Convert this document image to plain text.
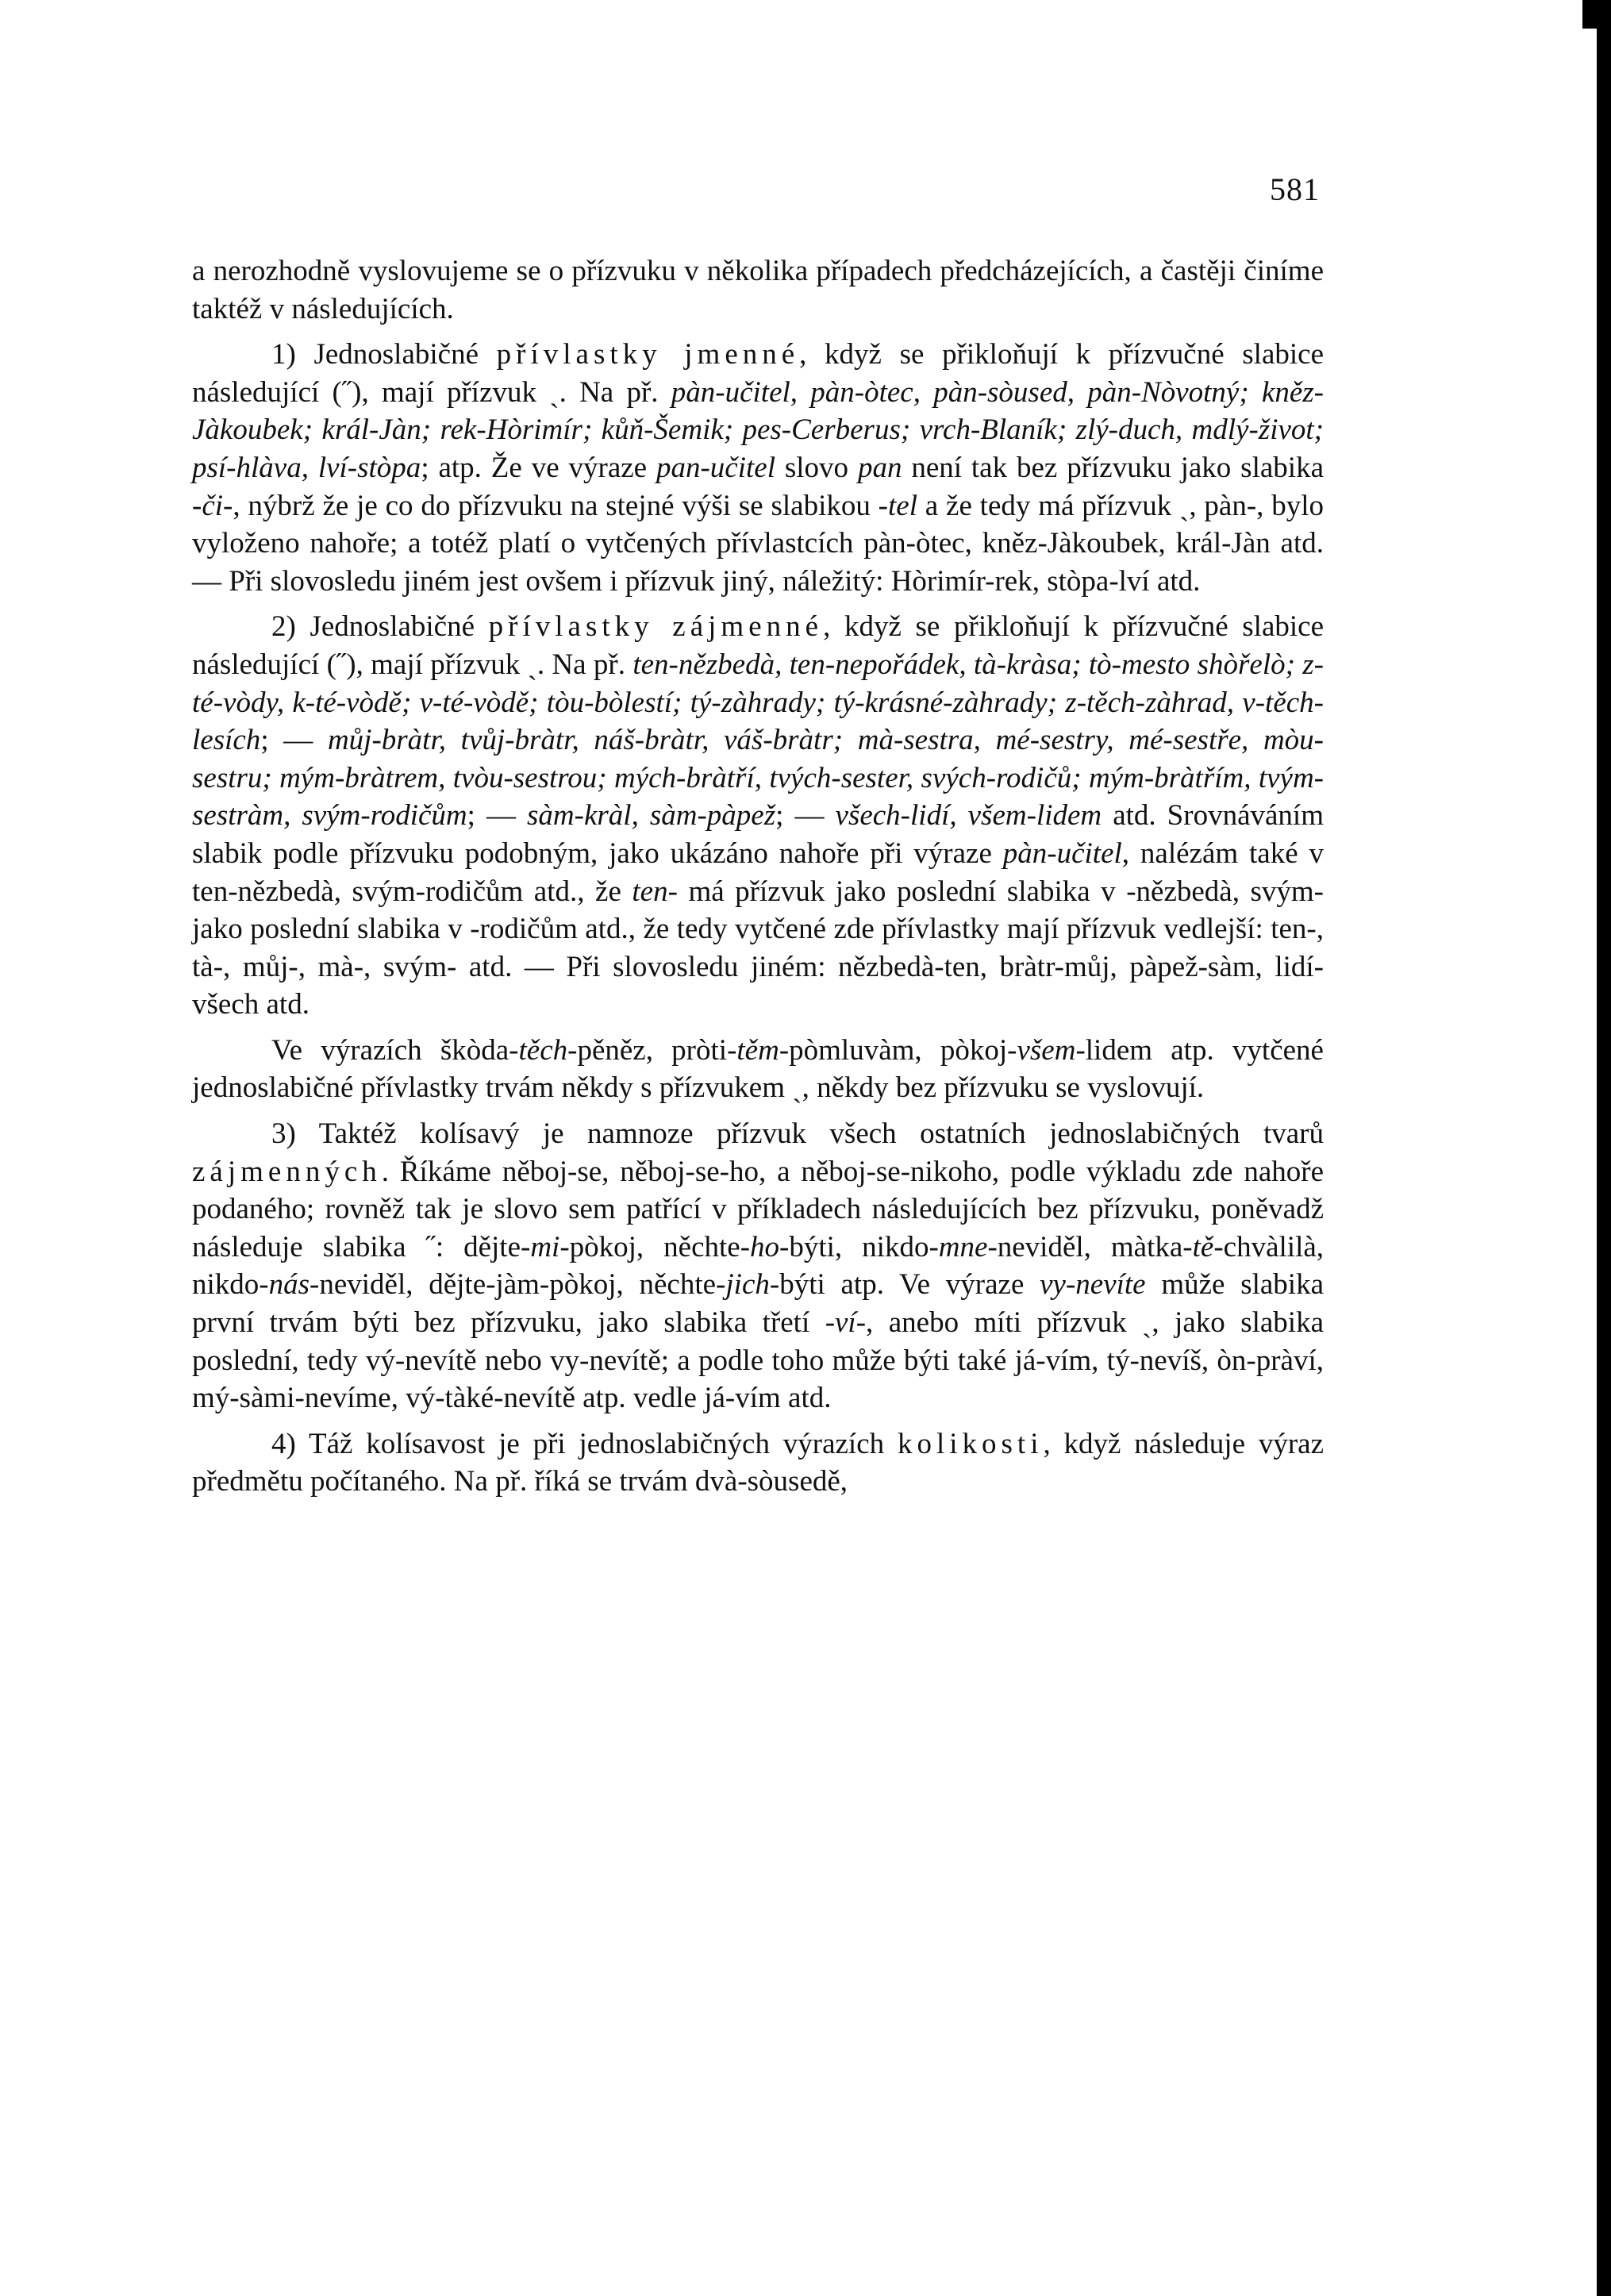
581

a nerozhodně vyslovujeme se o přízvuku v několika případech předcházejících, a častěji činíme taktéž v následujících.

1) Jednoslabičné přívlastky jmenné, když se přikloňují k přízvučné slabice následující (˝), mají přízvuk ˎ. Na př. pàn-učitel, pàn-òtec, pàn-sòused, pàn-Nòvotný; kněz-Jàkoubek; král-Jàn; rek-Hòrimír; kůň-Šemik; pes-Cerberus; vrch-Blaník; zlý-duch, mdlý-život; psí-hlàva, lví-stòpa; atp. Že ve výraze pan-učitel slovo pan není tak bez přízvuku jako slabika -či-, nýbrž že je co do přízvuku na stejné výši se slabikou -tel a že tedy má přízvuk ˎ, pàn-, bylo vyloženo nahoře; a totéž platí o vytčených přívlastcích pàn-òtec, kněz-Jàkoubek, král-Jàn atd. — Při slovosledu jiném jest ovšem i přízvuk jiný, náležitý: Hòrimír-rek, stòpa-lví atd.

2) Jednoslabičné přívlastky zájmenné, když se přikloňují k přízvučné slabice následující (˝), mají přízvuk ˎ. Na př. ten-nězbedà, ten-nepořádek, tà-kràsa; tò-mesto shòřelò; z-té-vòdy, k-té-vòdě; v-té-vòdě; tòu-bòlestí; tý-zàhrady; tý-krásné-zàhrady; z-těch-zàhrad, v-těch-lesích; — můj-bràtr, tvůj-bràtr, náš-bràtr, váš-bràtr; mà-sestra, mé-sestry, mé-sestře, mòu-sestru; mým-bràtrem, tvòu-sestrou; mých-bràtří, tvých-sester, svých-rodičů; mým-bràtřím, tvým-sestràm, svým-rodičům; — sàm-kràl, sàm-pàpež; — všech-lidí, všem-lidem atd. Srovnáváním slabik podle přízvuku podobným, jako ukázáno nahoře při výraze pàn-učitel, nalézám také v ten-nězbedà, svým-rodičům atd., že ten- má přízvuk jako poslední slabika v -nězbedà, svým- jako poslední slabika v -rodičům atd., že tedy vytčené zde přívlastky mají přízvuk vedlejší: ten-, tà-, můj-, mà-, svým- atd. — Při slovosledu jiném: nězbedà-ten, bràtr-můj, pàpež-sàm, lidí-všech atd.

Ve výrazích škòda-těch-pěněz, pròti-těm-pòmluvàm, pòkoj-všem-lidem atp. vytčené jednoslabičné přívlastky trvám někdy s přízvukem ˎ, někdy bez přízvuku se vyslovují.

3) Taktéž kolísavý je namnoze přízvuk všech ostatních jednoslabičných tvarů zájmenných. Říkáme něboj-se, něboj-se-ho, a něboj-se-nikoho, podle výkladu zde nahoře podaného; rovněž tak je slovo sem patřící v příkladech následujících bez přízvuku, poněvadž následuje slabika ˝: dějte-mi-pòkoj, něchte-ho-býti, nikdo-mne-neviděl, màtka-tě-chvàlilà, nikdo-nás-neviděl, dějte-jàm-pòkoj, něchte-jich-býti atp. Ve výraze vy-nevíte může slabika první trvám býti bez přízvuku, jako slabika třetí -ví-, anebo míti přízvuk ˎ, jako slabika poslední, tedy vý-nevítě nebo vy-nevítě; a podle toho může býti také já-vím, tý-nevíš, òn-pràví, mý-sàmi-nevíme, vý-tàké-nevítě atp. vedle já-vím atd.

4) Táž kolísavost je při jednoslabičných výrazích kolikosti, když následuje výraz předmětu počítaného. Na př. říká se trvám dvà-sòusedě,
